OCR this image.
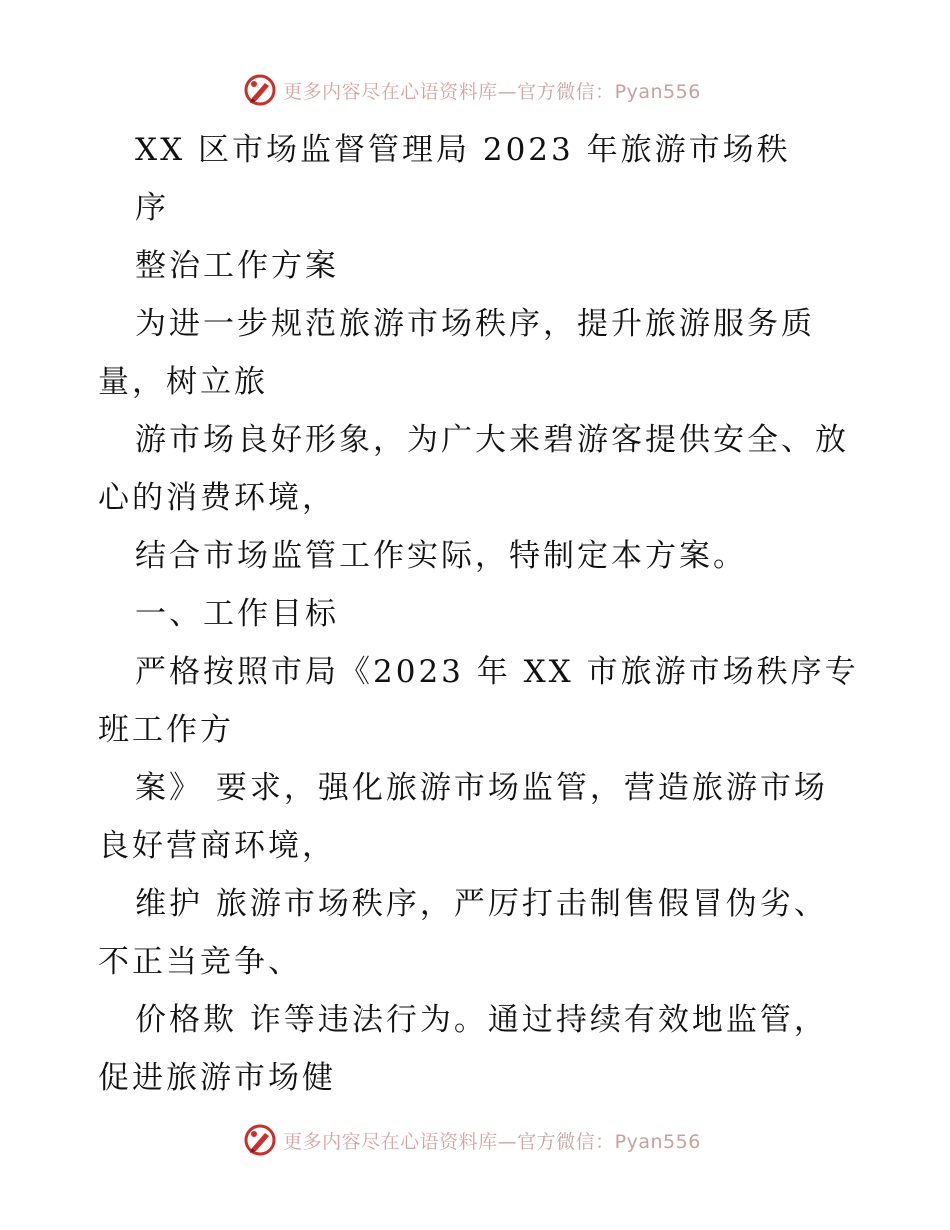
更多内容尽在心语资料库—官方微信：Pyan556
XX 区市场监督管理局 2023 年旅游市场秩
序
整治工作方案
为进一步规范旅游市场秩序，提升旅游服务质
量，树立旅
游市场良好形象，为广大来碧游客提供安全、放
心的消费环境，
结合市场监管工作实际，特制定本方案。
一、工作目标
严格按照市局《2023 年 XX 市旅游市场秩序专
班工作方
案》 要求，强化旅游市场监管，营造旅游市场
良好营商环境，
维护 旅游市场秩序，严厉打击制售假冒伪劣、
不正当竞争、
价格欺 诈等违法行为。通过持续有效地监管，
促进旅游市场健
更多内容尽在心语资料库—官方微信：Pyan556
